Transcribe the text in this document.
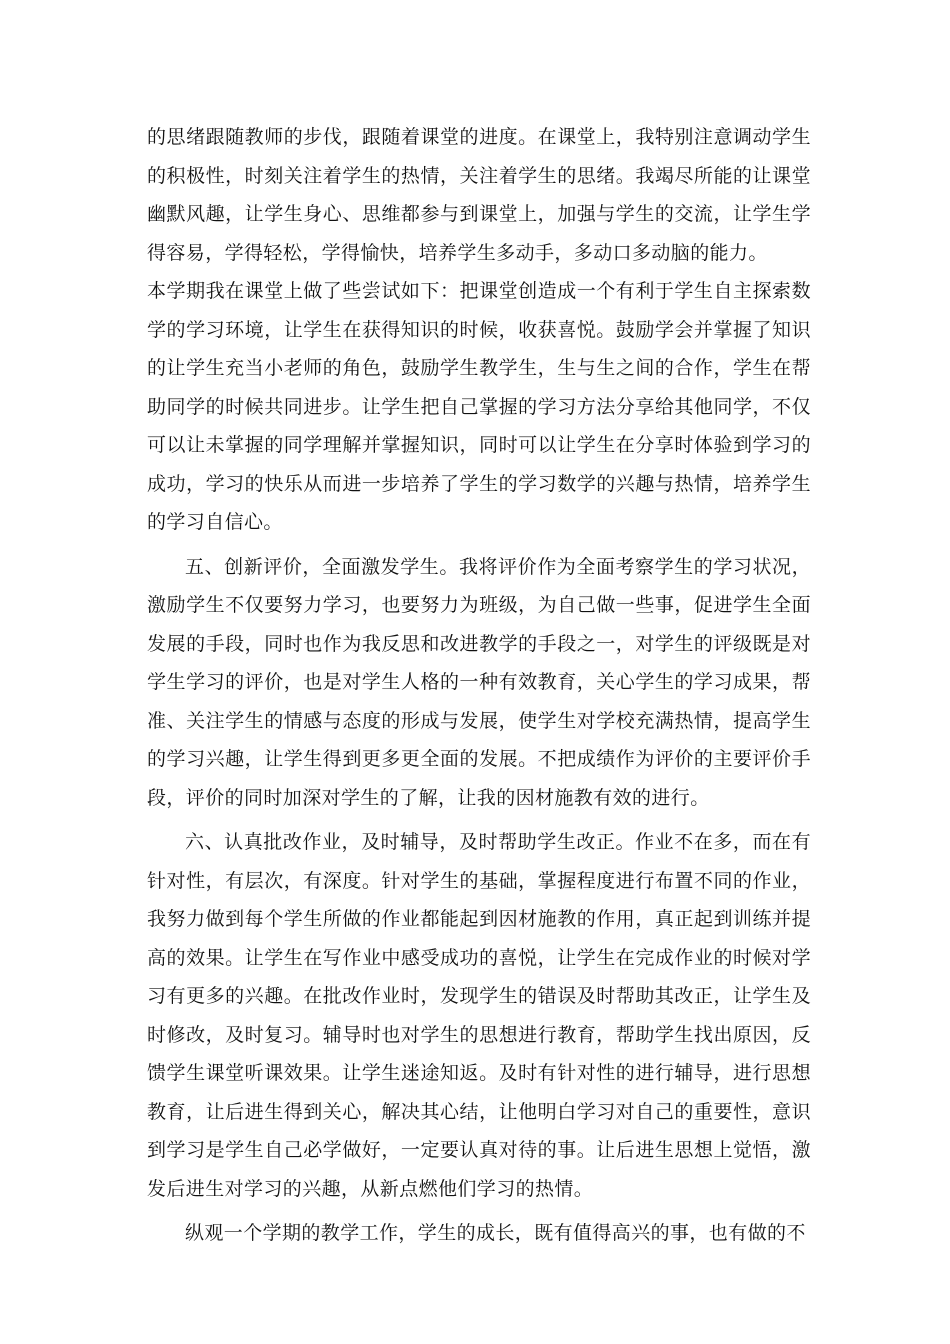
的思绪跟随教师的步伐，跟随着课堂的进度。在课堂上，我特别注意调动学生的积极性，时刻关注着学生的热情，关注着学生的思绪。我竭尽所能的让课堂幽默风趣，让学生身心、思维都参与到课堂上，加强与学生的交流，让学生学得容易，学得轻松，学得愉快，培养学生多动手，多动口多动脑的能力。

本学期我在课堂上做了些尝试如下：把课堂创造成一个有利于学生自主探索数学的学习环境，让学生在获得知识的时候，收获喜悦。鼓励学会并掌握了知识的让学生充当小老师的角色，鼓励学生教学生，生与生之间的合作，学生在帮助同学的时候共同进步。让学生把自己掌握的学习方法分享给其他同学，不仅可以让未掌握的同学理解并掌握知识，同时可以让学生在分享时体验到学习的成功，学习的快乐从而进一步培养了学生的学习数学的兴趣与热情，培养学生的学习自信心。

五、创新评价，全面激发学生。我将评价作为全面考察学生的学习状况，激励学生不仅要努力学习，也要努力为班级，为自己做一些事，促进学生全面发展的手段，同时也作为我反思和改进教学的手段之一，对学生的评级既是对学生学习的评价，也是对学生人格的一种有效教育，关心学生的学习成果，帮准、关注学生的情感与态度的形成与发展，使学生对学校充满热情，提高学生的学习兴趣，让学生得到更多更全面的发展。不把成绩作为评价的主要评价手段，评价的同时加深对学生的了解，让我的因材施教有效的进行。

六、认真批改作业，及时辅导，及时帮助学生改正。作业不在多，而在有针对性，有层次，有深度。针对学生的基础，掌握程度进行布置不同的作业，我努力做到每个学生所做的作业都能起到因材施教的作用，真正起到训练并提高的效果。让学生在写作业中感受成功的喜悦，让学生在完成作业的时候对学习有更多的兴趣。在批改作业时，发现学生的错误及时帮助其改正，让学生及时修改，及时复习。辅导时也对学生的思想进行教育，帮助学生找出原因，反馈学生课堂听课效果。让学生迷途知返。及时有针对性的进行辅导，进行思想教育，让后进生得到关心，解决其心结，让他明白学习对自己的重要性，意识到学习是学生自己必学做好，一定要认真对待的事。让后进生思想上觉悟，激发后进生对学习的兴趣，从新点燃他们学习的热情。

纵观一个学期的教学工作，学生的成长，既有值得高兴的事，也有做的不
